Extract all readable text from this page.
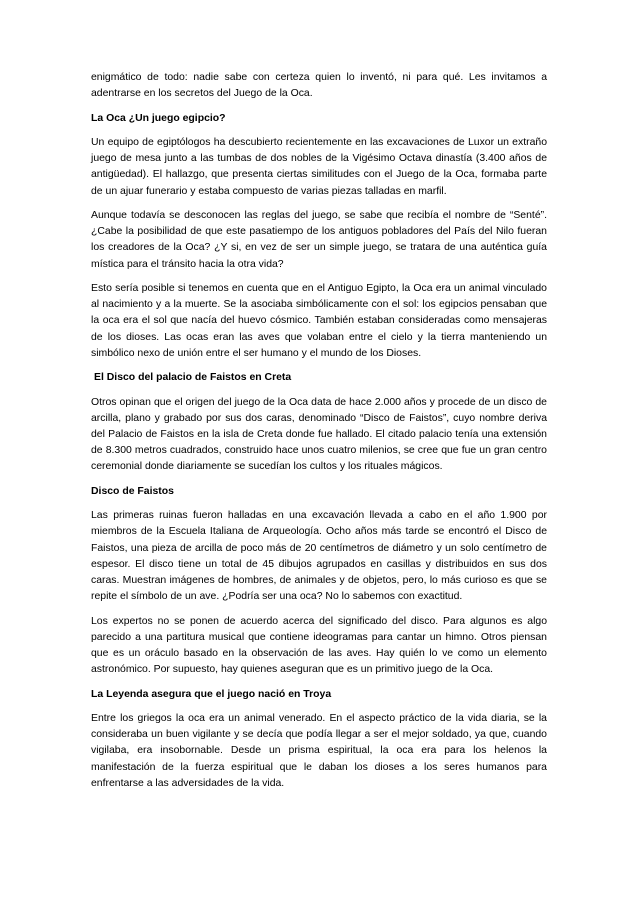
enigmático de todo: nadie sabe con certeza quien lo inventó, ni para qué. Les invitamos a adentrarse en los secretos del Juego de la Oca.

La Oca ¿Un juego egipcio?

Un equipo de egiptólogos ha descubierto recientemente en las excavaciones de Luxor un extraño juego de mesa junto a las tumbas de dos nobles de la Vigésimo Octava dinastía (3.400 años de antigüedad). El hallazgo, que presenta ciertas similitudes con el Juego de la Oca, formaba parte de un ajuar funerario y estaba compuesto de varias piezas talladas en marfil.

Aunque todavía se desconocen las reglas del juego, se sabe que recibía el nombre de “Senté”. ¿Cabe la posibilidad de que este pasatiempo de los antiguos pobladores del País del Nilo fueran los creadores de la Oca? ¿Y si, en vez de ser un simple juego, se tratara de una auténtica guía mística para el tránsito hacia la otra vida?

Esto sería posible si tenemos en cuenta que en el Antiguo Egipto, la Oca era un animal vinculado al nacimiento y a la muerte. Se la asociaba simbólicamente con el sol: los egipcios pensaban que la oca era el sol que nacía del huevo cósmico. También estaban consideradas como mensajeras de los dioses. Las ocas eran las aves que volaban entre el cielo y la tierra manteniendo un simbólico nexo de unión entre el ser humano y el mundo de los Dioses.

El Disco del palacio de Faistos en Creta

Otros opinan que el origen del juego de la Oca data de hace 2.000 años y procede de un disco de arcilla, plano y grabado por sus dos caras, denominado “Disco de Faistos”, cuyo nombre deriva del Palacio de Faistos en la isla de Creta donde fue hallado. El citado palacio tenía una extensión de 8.300 metros cuadrados, construido hace unos cuatro milenios, se cree que fue un gran centro ceremonial donde diariamente se sucedían los cultos y los rituales mágicos.

Disco de Faistos

Las primeras ruinas fueron halladas en una excavación llevada a cabo en el año 1.900 por miembros de la Escuela Italiana de Arqueología. Ocho años más tarde se encontró el Disco de Faistos, una pieza de arcilla de poco más de 20 centímetros de diámetro y un solo centímetro de espesor. El disco tiene un total de 45 dibujos agrupados en casillas y distribuidos en sus dos caras. Muestran imágenes de hombres, de animales y de objetos, pero, lo más curioso es que se repite el símbolo de un ave. ¿Podría ser una oca? No lo sabemos con exactitud.

Los expertos no se ponen de acuerdo acerca del significado del disco. Para algunos es algo parecido a una partitura musical que contiene ideogramas para cantar un himno. Otros piensan que es un oráculo basado en la observación de las aves. Hay quién lo ve como un elemento astronómico. Por supuesto, hay quienes aseguran que es un primitivo juego de la Oca.

La Leyenda asegura que el juego nació en Troya

Entre los griegos la oca era un animal venerado. En el aspecto práctico de la vida diaria, se la consideraba un buen vigilante y se decía que podía llegar a ser el mejor soldado, ya que, cuando vigilaba, era insobornable. Desde un prisma espiritual, la oca era para los helenos la manifestación de la fuerza espiritual que le daban los dioses a los seres humanos para enfrentarse a las adversidades de la vida.
